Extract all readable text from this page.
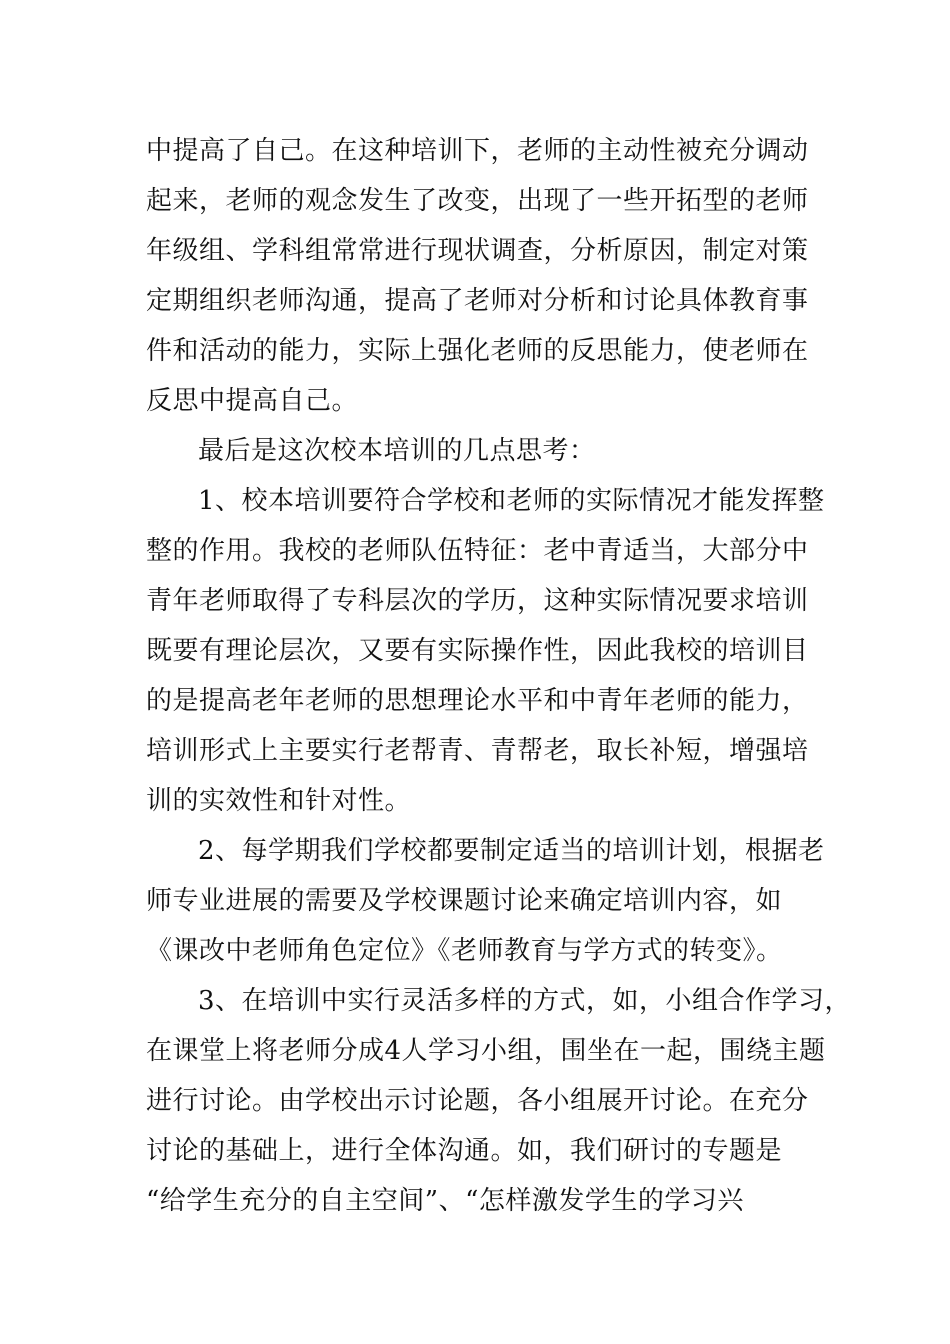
中提高了自己。在这种培训下，老师的主动性被充分调动
起来，老师的观念发生了改变，出现了一些开拓型的老师
年级组、学科组常常进行现状调查，分析原因，制定对策
定期组织老师沟通，提高了老师对分析和讨论具体教育事
件和活动的能力，实际上强化老师的反思能力，使老师在
反思中提高自己。
最后是这次校本培训的几点思考：
1、校本培训要符合学校和老师的实际情况才能发挥整
整的作用。我校的老师队伍特征：老中青适当，大部分中
青年老师取得了专科层次的学历，这种实际情况要求培训
既要有理论层次，又要有实际操作性，因此我校的培训目
的是提高老年老师的思想理论水平和中青年老师的能力，
培训形式上主要实行老帮青、青帮老，取长补短，增强培
训的实效性和针对性。
2、每学期我们学校都要制定适当的培训计划，根据老
师专业进展的需要及学校课题讨论来确定培训内容，如
《课改中老师角色定位》《老师教育与学方式的转变》。
3、在培训中实行灵活多样的方式，如，小组合作学习，
在课堂上将老师分成4人学习小组，围坐在一起，围绕主题
进行讨论。由学校出示讨论题，各小组展开讨论。在充分
讨论的基础上，进行全体沟通。如，我们研讨的专题是
“给学生充分的自主空间”、“怎样激发学生的学习兴
